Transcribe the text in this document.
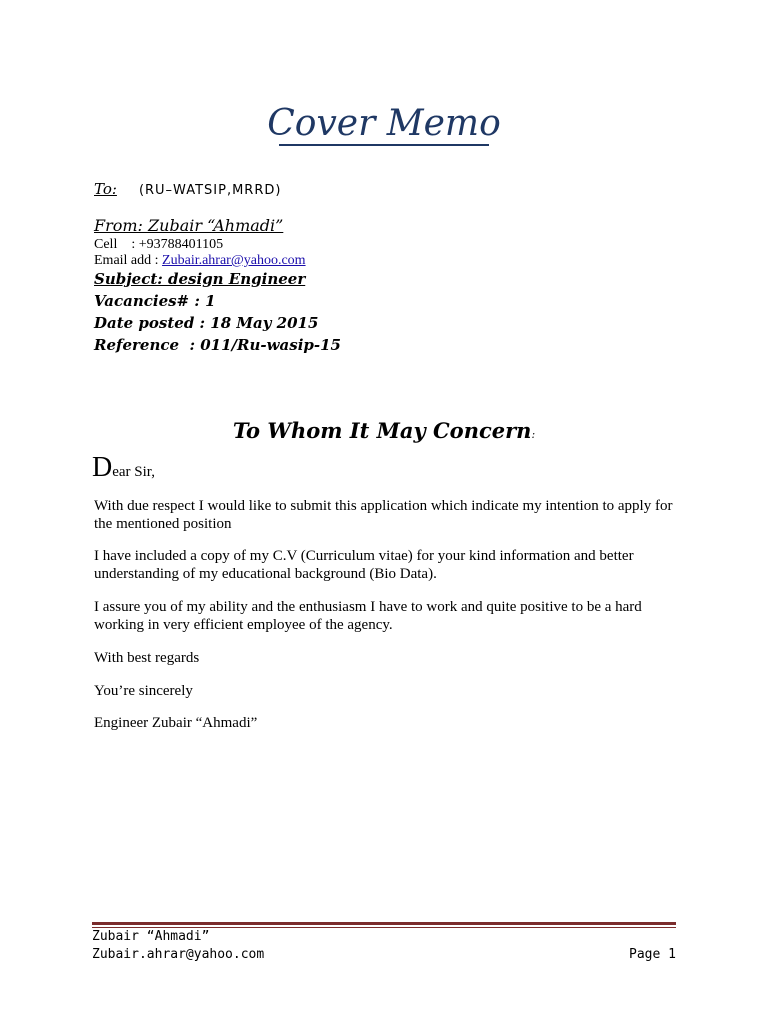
Cover Memo
To: (RU–WATSIP,MRRD)
From: Zubair “Ahmadi”
Cell    : +93788401105
Email add : Zubair.ahrar@yahoo.com
Subject: design Engineer
Vacancies# : 1
Date posted : 18 May 2015
Reference  : 011/Ru-wasip-15
To Whom It May Concern:
Dear Sir,
With due respect I would like to submit this application which indicate my intention to apply for the mentioned position
I have included a copy of my C.V (Curriculum vitae) for your kind information and better understanding of my educational background (Bio Data).
I assure you of my ability and the enthusiasm I have to work and quite positive to be a hard working in very efficient employee of the agency.
With best regards
You’re sincerely
Engineer Zubair “Ahmadi”
Zubair “Ahmadi”
Zubair.ahrar@yahoo.com	Page 1
